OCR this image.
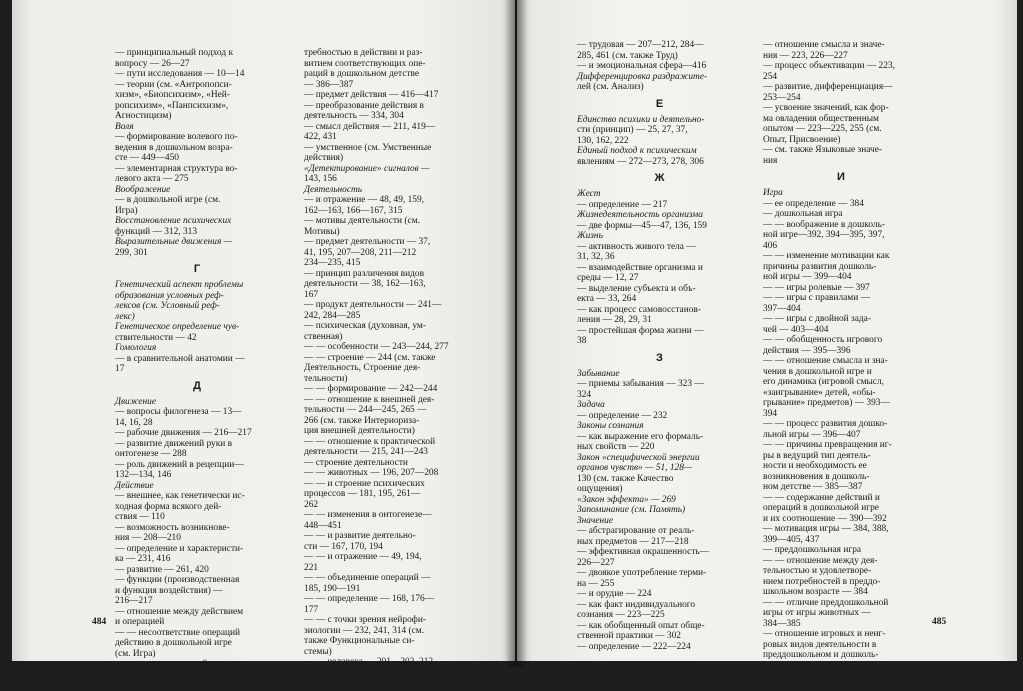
— принципиальный подход к
вопросу — 26—27
— пути исследования — 10—14
— теории (см. «Антропопси-
хизм», «Биопсихизм», «Ней-
ропсихизм», «Панпсихизм»,
Агностицизм)
Воля
— формирование волевого по-
ведения в дошкольном возра-
сте — 449—450
— элементарная структура во-
левого акта — 275
Воображение
— в дошкольной игре (см.
Игра)
Восстановление психических
функций — 312, 313
Выразительные движения —
299, 301
Г
Генетический аспект проблемы
образования условных реф-
лексов (см. Условный реф-
лекс)
Генетическое определение чув-
ствительности — 42
Гомология
— в сравнительной анатомии —
17
Д
Движение
— вопросы филогенеза — 13—
14, 16, 28
— рабочие движения — 216—217
— развитие движений руки в
онтогенезе — 288
— роль движений в рецепции—
132—134, 146
Действие
— внешнее, как генетически ис-
ходная форма всякого дей-
ствия — 110
— возможность возникнове-
ния — 208—210
— определение и характеристи-
ка — 231, 416
— развитие — 261, 420
— функции (производственная
и функция воздействия) —
216—217
— отношение между действием
и операцией
— — несоответствие операций
действию в дошкольной игре
(см. Игра)
— — превращение действия в
операцию — 422—424, 428
— — противоречие между по-
требностью в действии и раз-
витием соответствующих опе-
раций в дошкольном детстве
— 386—387
— предмет действия — 416—417
— преобразование действия в
деятельность — 334, 304
— смысл действия — 211, 419—
422, 431
— умственное (см. Умственные
действия)
«Детектирование» сигналов —
143, 156
Деятельность
— и отражение — 48, 49, 159,
162—163, 166—167, 315
— мотивы деятельности (см.
Мотивы)
— предмет деятельности — 37,
41, 195, 207—208, 211—212
234—235, 415
— принцип различения видов
деятельности — 38, 162—163,
167
— продукт деятельности — 241—
242, 284—285
— психическая (духовная, ум-
ственная)
— — особенности — 243—244, 277
— — строение — 244 (см. также
Деятельность, Строение дея-
тельности)
— — формирование — 242—244
— — отношение к внешней дея-
тельности — 244—245, 265 —
266 (см. также Интериориза-
ция внешней деятельности)
— — отношение к практической
деятельности — 215, 241—243
— строение деятельности
— — животных — 196, 207—208
— — и строение психических
процессов — 181, 195, 261—
262
— — изменения в онтогенезе—
448—451
— — и развитие деятельно-
сти — 167, 170, 194
— — и отражение — 49, 194,
221
— — объединение операций —
185, 190—191
— — определение — 168, 176—
177
— — с точки зрения нейрофи-
зиологии — 232, 241, 314 (см.
также Функциональные си-
стемы)
— — человека — 201—202, 212,
228, 230
484
— трудовая — 207—212, 284—
285, 461 (см. также Труд)
— и эмоциональная сфера—416
Дифференцировка раздражите-
лей (см. Анализ)
Е
Единство психики и деятельно-
сти (принцип) — 25, 27, 37,
130, 162, 222
Единый подход к психическим
явлениям — 272—273, 278, 306
Ж
Жест
— определение — 217
Жизнедеятельность организма
— две формы—45—47, 136, 159
Жизнь
— активность живого тела —
31, 32, 36
— взаимодействие организма и
среды — 12, 27
— выделение субъекта и объ-
екта — 33, 264
— как процесс самовосстанов-
ления — 28, 29, 31
— простейшая форма жизни —
38
З
Забывание
— приемы забывания — 323 —
324
Задача
— определение — 232
Законы сознания
— как выражение его формаль-
ных свойств — 220
Закон «специфической энергии
органов чувств» — 51, 128—
130 (см. также Качество
ощущения)
«Закон эффекта» — 269
Запоминание (см. Память)
Значение
— абстрагирование от реаль-
ных предметов — 217—218
— эффективная окрашенность—
226—227
— двоякое употребление терми-
на — 255
— и орудие — 224
— как факт индивидуального
сознания — 223—225
— как обобщенный опыт обще-
ственной практики — 302
— определение — 222—224
— отношение смысла и значе-
ния — 223, 226—227
— процесс объективации — 223,
254
— развитие, дифференциация—
253—254
— усвоение значений, как фор-
ма овладения общественным
опытом — 223—225, 255 (см.
Опыт, Присвоение)
— см. также Языковые значе-
ния
И
Игра
— ее определение — 384
— дошкольная игра
— — воображение в дошколь-
ной игре—392, 394—395, 397,
406
— — изменение мотивации как
причины развития дошколь-
ной игры — 399—404
— — игры ролевые — 397
— — игры с правилами —
397—404
— — игры с двойной зада-
чей — 403—404
— — обобщенность игрового
действия — 395—396
— — отношение смысла и зна-
чения в дошкольной игре и
его динамика (игровой смысл,
«заигрывание» детей, «обы-
грывание» предметов) — 393—
394
— — процесс развития дошко-
льной игры — 396—407
— — причины превращения иг-
ры в ведущий тип деятель-
ности и необходимость ее
возникновения в дошколь-
ном детстве — 385—387
— — содержание действий и
операций в дошкольной игре
и их соотношение — 390—392
— мотивация игры — 384, 388,
399—405, 437
— преддошкольная игра
— — отношение между дея-
тельностью и удовлетворе-
нием потребностей в преддо-
школьном возрасте — 384
— — отличие преддошкольной
игры от игры животных —
384—385
— отношение игровых и неиг-
ровых видов деятельности в
преддошкольном и дошколь-
ном детстве — 385
485
